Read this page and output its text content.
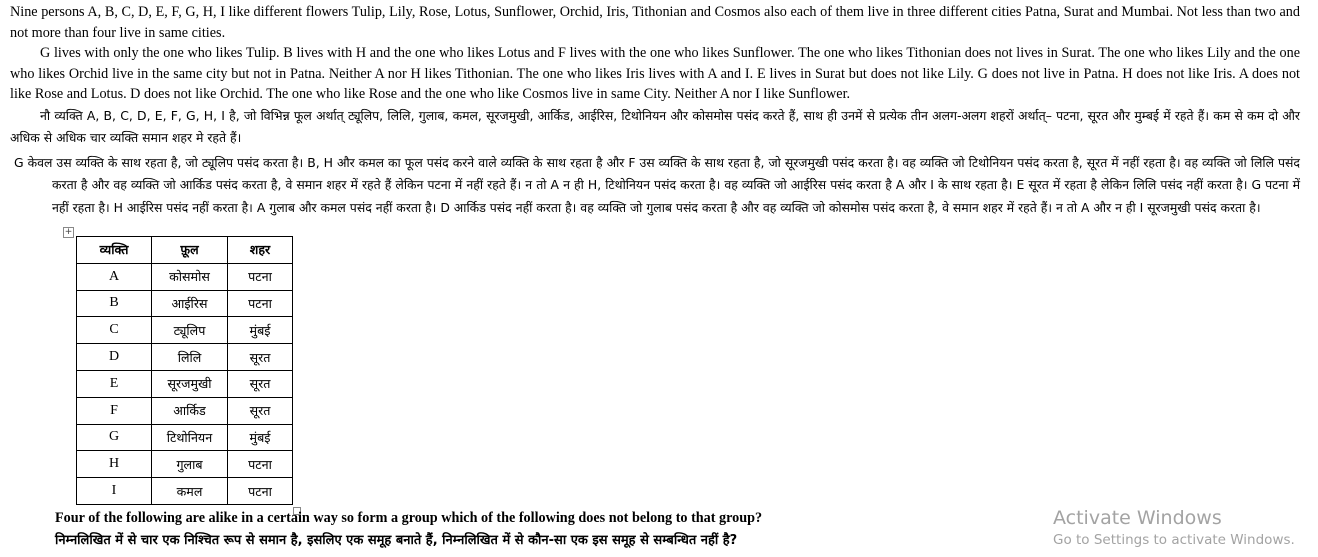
Nine persons A, B, C, D, E, F, G, H, I like different flowers Tulip, Lily, Rose, Lotus, Sunflower, Orchid, Iris, Tithonian and Cosmos also each of them live in three different cities Patna, Surat and Mumbai. Not less than two and not more than four live in same cities.

G lives with only the one who likes Tulip. B lives with H and the one who likes Lotus and F lives with the one who likes Sunflower. The one who likes Tithonian does not lives in Surat. The one who likes Lily and the one who likes Orchid live in the same city but not in Patna. Neither A nor H likes Tithonian. The one who likes Iris lives with A and I. E lives in Surat but does not like Lily. G does not live in Patna. H does not like Iris. A does not like Rose and Lotus. D does not like Orchid. The one who like Rose and the one who like Cosmos live in same City. Neither A nor I like Sunflower.

नौ व्यक्ति A, B, C, D, E, F, G, H, I है, जो विभिन्न फूल अर्थात् ट्यूलिप, लिलि, गुलाब, कमल, सूरजमुखी, आर्किड, आईरिस, टिथोनियन और कोसमोस पसंद करते हैं, साथ ही उनमें से प्रत्येक तीन अलग-अलग शहरों अर्थात्– पटना, सूरत और मुम्बई में रहते हैं। कम से कम दो और अधिक से अधिक चार व्यक्ति समान शहर मे रहते हैं।

G केवल उस व्यक्ति के साथ रहता है, जो ट्यूलिप पसंद करता है। B, H और कमल का फूल पसंद करने वाले व्यक्ति के साथ रहता है और F उस व्यक्ति के साथ रहता है, जो सूरजमुखी पसंद करता है। वह व्यक्ति जो टिथोनियन पसंद करता है, सूरत में नहीं रहता है। वह व्यक्ति जो लिलि पसंद करता है और वह व्यक्ति जो आर्किड पसंद करता है, वे समान शहर में रहते हैं लेकिन पटना में नहीं रहते हैं। न तो A न ही H, टिथोनियन पसंद करता है। वह व्यक्ति जो आईरिस पसंद करता है A और I के साथ रहता है। E सूरत में रहता है लेकिन लिलि पसंद नहीं करता है। G पटना में नहीं रहता है। H आईरिस पसंद नहीं करता है। A गुलाब और कमल पसंद नहीं करता है। D आर्किड पसंद नहीं करता है। वह व्यक्ति जो गुलाब पसंद करता है और वह व्यक्ति जो कोसमोस पसंद करता है, वे समान शहर में रहते हैं। न तो A और न ही I सूरजमुखी पसंद करता है।

+
व्यक्ति	फ़ूल	शहर
A	कोसमोस	पटना
B	आईरिस	पटना
C	ट्यूलिप	मुंबई
D	लिलि	सूरत
E	सूरजमुखी	सूरत
F	आर्किड	सूरत
G	टिथोनियन	मुंबई
H	गुलाब	पटना
I	कमल	पटना
Four of the following are alike in a certain way so form a group which of the following does not belong to that group?
निम्नलिखित में से चार एक निश्चित रूप से समान है, इसलिए एक समूह बनाते हैं, निम्नलिखित में से कौन-सा एक इस समूह से सम्बन्धित नहीं है?
Activate Windows
Go to Settings to activate Windows.
